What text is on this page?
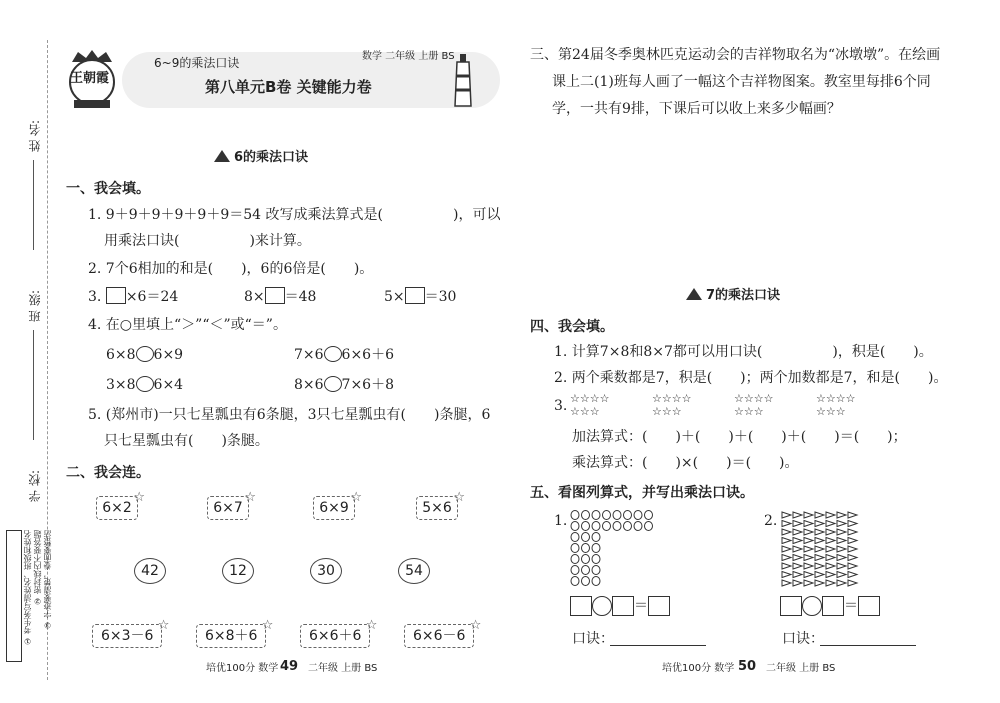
姓 名:
班 级:
学 校:
① 考生务写清姓名、班级和姓名 ② 密封线内不要答题 ③ 字迹要清楚，卷面要整洁
王朝霞
6~9的乘法口诀	数学 二年级 上册 BS
第八单元B卷 关键能力卷
6的乘法口诀
一、我会填。
1. 9＋9＋9＋9＋9＋9＝54 改写成乘法算式是(　　　　　)，可以
用乘法口诀(　　　　　)来计算。
2. 7个6相加的和是(　　)，6的6倍是(　　)。
3. ×6＝24	8× ＝48	5× ＝30
4. 在○里填上“＞”“＜”或“＝”。
6×8 6×9	7×6 6×6＋6
3×8 6×4	8×6 7×6＋8
5. (郑州市)一只七星瓢虫有6条腿，3只七星瓢虫有(　　)条腿，6
只七星瓢虫有(　　)条腿。
二、我会连。
6×2
☆
6×7
☆
6×9
☆
5×6
☆
42	12	30	54
6×3－6
☆
6×8＋6
☆
6×6＋6
☆
6×6－6
☆
培优100分 数学 49 二年级 上册 BS
三、第24届冬季奥林匹克运动会的吉祥物取名为“冰墩墩”。在绘画
课上二(1)班每人画了一幅这个吉祥物图案。教室里每排6个同
学，一共有9排，下课后可以收上来多少幅画？
7的乘法口诀
四、我会填。
1. 计算7×8和8×7都可以用口诀(　　　　　)，积是(　　)。
2. 两个乘数都是7，积是(　　)；两个加数都是7，和是(　　)。
3. ☆☆☆☆
☆☆☆
☆☆☆☆
☆☆☆
☆☆☆☆
☆☆☆
☆☆☆☆
☆☆☆
加法算式：(　　)＋(　　)＋(　　)＋(　　)＝(　　)；
乘法算式：(　　)×(　　)＝(　　)。
五、看图列算式，并写出乘法口诀。
1.
＝
口诀：
2.
＝
口诀：
培优100分 数学 50 二年级 上册 BS
